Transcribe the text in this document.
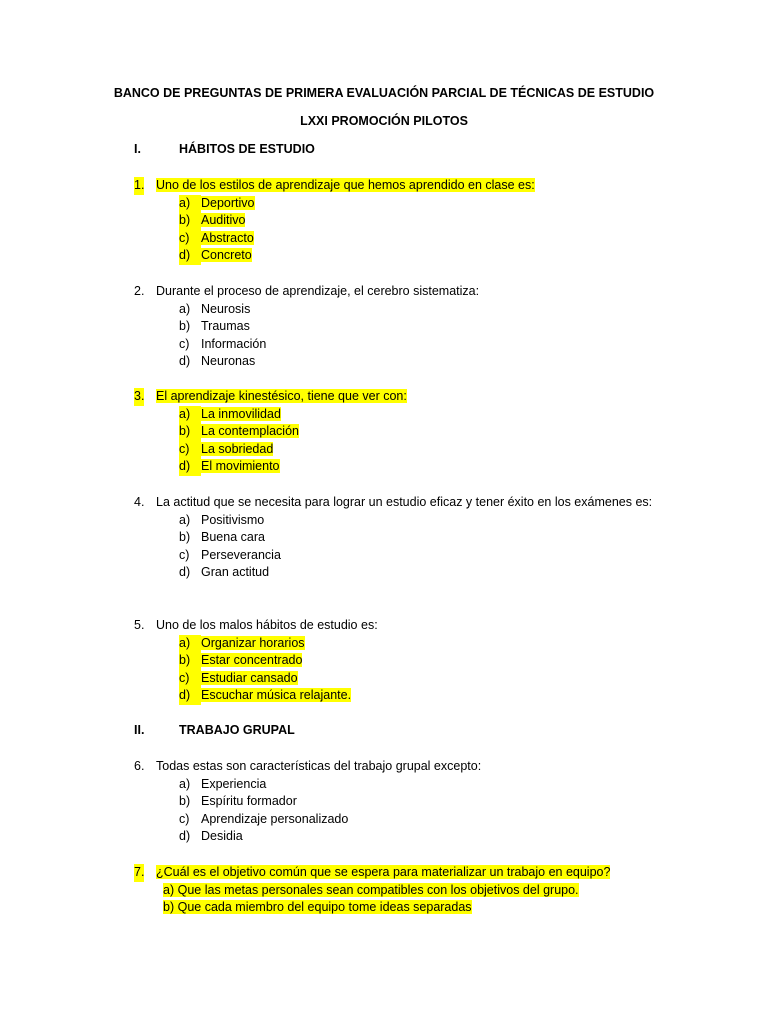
BANCO DE PREGUNTAS DE PRIMERA EVALUACIÓN PARCIAL DE TÉCNICAS DE ESTUDIO
LXXI PROMOCIÓN PILOTOS
I.	HÁBITOS DE ESTUDIO
1. Uno de los estilos de aprendizaje que hemos aprendido en clase es:
a) Deportivo
b) Auditivo
c) Abstracto
d) Concreto
2. Durante el proceso de aprendizaje, el cerebro sistematiza:
a) Neurosis
b) Traumas
c) Información
d) Neuronas
3. El aprendizaje kinestésico, tiene que ver con:
a) La inmovilidad
b) La contemplación
c) La sobriedad
d) El movimiento
4. La actitud que se necesita para lograr un estudio eficaz y tener éxito en los exámenes es:
a) Positivismo
b) Buena cara
c) Perseverancia
d) Gran actitud
5. Uno de los malos hábitos de estudio es:
a) Organizar horarios
b) Estar concentrado
c) Estudiar cansado
d) Escuchar música relajante.
II.	TRABAJO GRUPAL
6. Todas estas son características del trabajo grupal excepto:
a) Experiencia
b) Espíritu formador
c) Aprendizaje personalizado
d) Desidia
7. ¿Cuál es el objetivo común que se espera para materializar un trabajo en equipo?
a) Que las metas personales sean compatibles con los objetivos del grupo.
b) Que cada miembro del equipo tome ideas separadas
